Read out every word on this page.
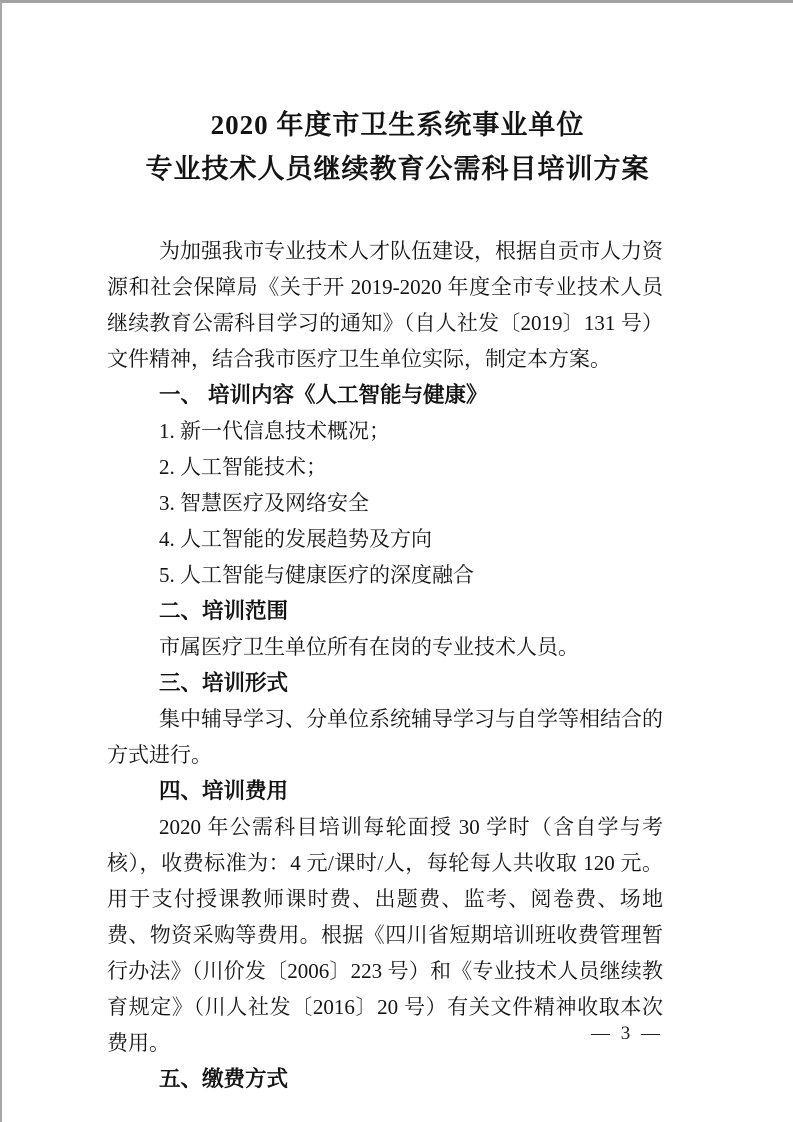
2020 年度市卫生系统事业单位
专业技术人员继续教育公需科目培训方案

为加强我市专业技术人才队伍建设，根据自贡市人力资源和社会保障局《关于开 2019-2020 年度全市专业技术人员继续教育公需科目学习的通知》（自人社发〔2019〕131 号）文件精神，结合我市医疗卫生单位实际，制定本方案。

一、 培训内容《人工智能与健康》

1. 新一代信息技术概况；

2. 人工智能技术；

3. 智慧医疗及网络安全

4. 人工智能的发展趋势及方向

5. 人工智能与健康医疗的深度融合

二、培训范围

市属医疗卫生单位所有在岗的专业技术人员。

三、培训形式

集中辅导学习、分单位系统辅导学习与自学等相结合的方式进行。

四、培训费用

2020 年公需科目培训每轮面授 30 学时（含自学与考核），收费标准为：4 元/课时/人，每轮每人共收取 120 元。用于支付授课教师课时费、出题费、监考、阅卷费、场地费、物资采购等费用。根据《四川省短期培训班收费管理暂行办法》（川价发〔2006〕223 号）和《专业技术人员继续教育规定》（川人社发〔2016〕20 号）有关文件精神收取本次费用。

五、缴费方式
— 3 —
